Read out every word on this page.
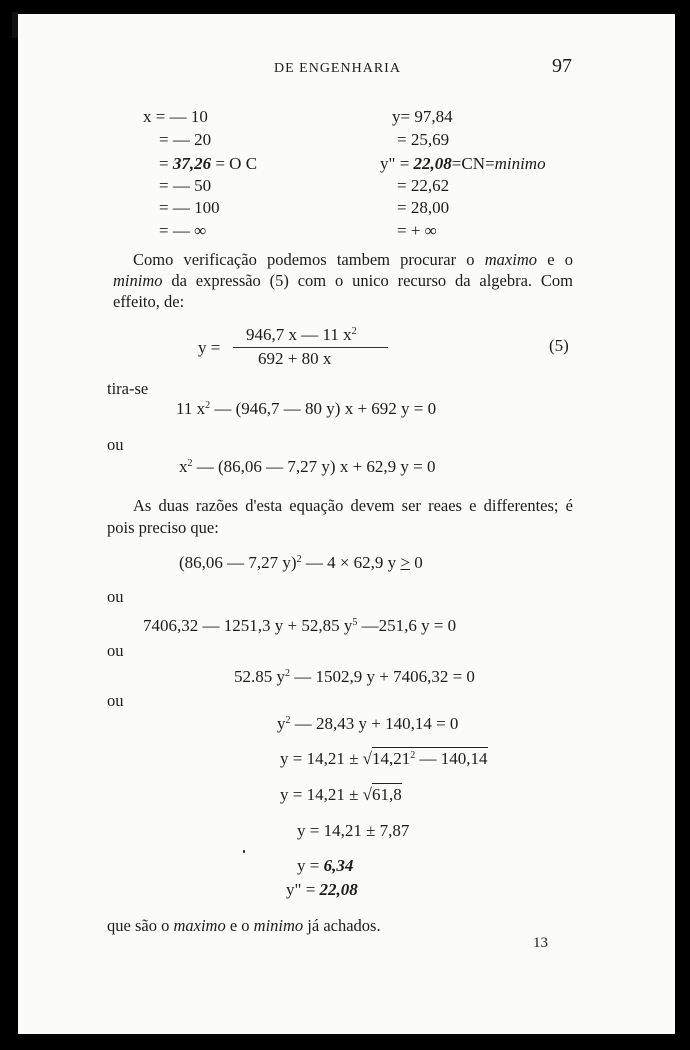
DE ENGENHARIA	97
x = — 10
= — 20
= 37,26 = O C
= — 50
= — 100
= — ∞
y= 97,84
= 25,69
y" = 22,08=CN=minimo
= 22,62
= 28,00
= + ∞
Como verificação podemos tambem procurar o maximo e o minimo da expressão (5) com o unico recurso da algebra. Com effeito, de:
y =
946,7 x — 11 $x^2$
692 + 80 x
(5)
tira-se
11 $x^2$ — (946,7 — 80 y) x + 692 y = 0
ou
$x^2$ — (86,06 — 7,27 y) x + 62,9 y = 0
As duas razões d'esta equação devem ser reaes e differentes; é pois preciso que:
(86,06 — 7,27 y)$^2$ — 4 × 62,9 y > 0
ou
7406,32 — 1251,3 y + 52,85 $y^5$ —251,6 y = 0
ou
52.85 $y^2$ — 1502,9 y + 7406,32 = 0
ou
$y^2$ — 28,43 y + 140,14 = 0
$y = 14,21 \pm √14,21^2$ — 140,14
y = 14,21 ± √61,8
y = 14,21 ± 7,87
y = 6,34
y" = 22,08
que são o maximo e o minimo já achados.
13
